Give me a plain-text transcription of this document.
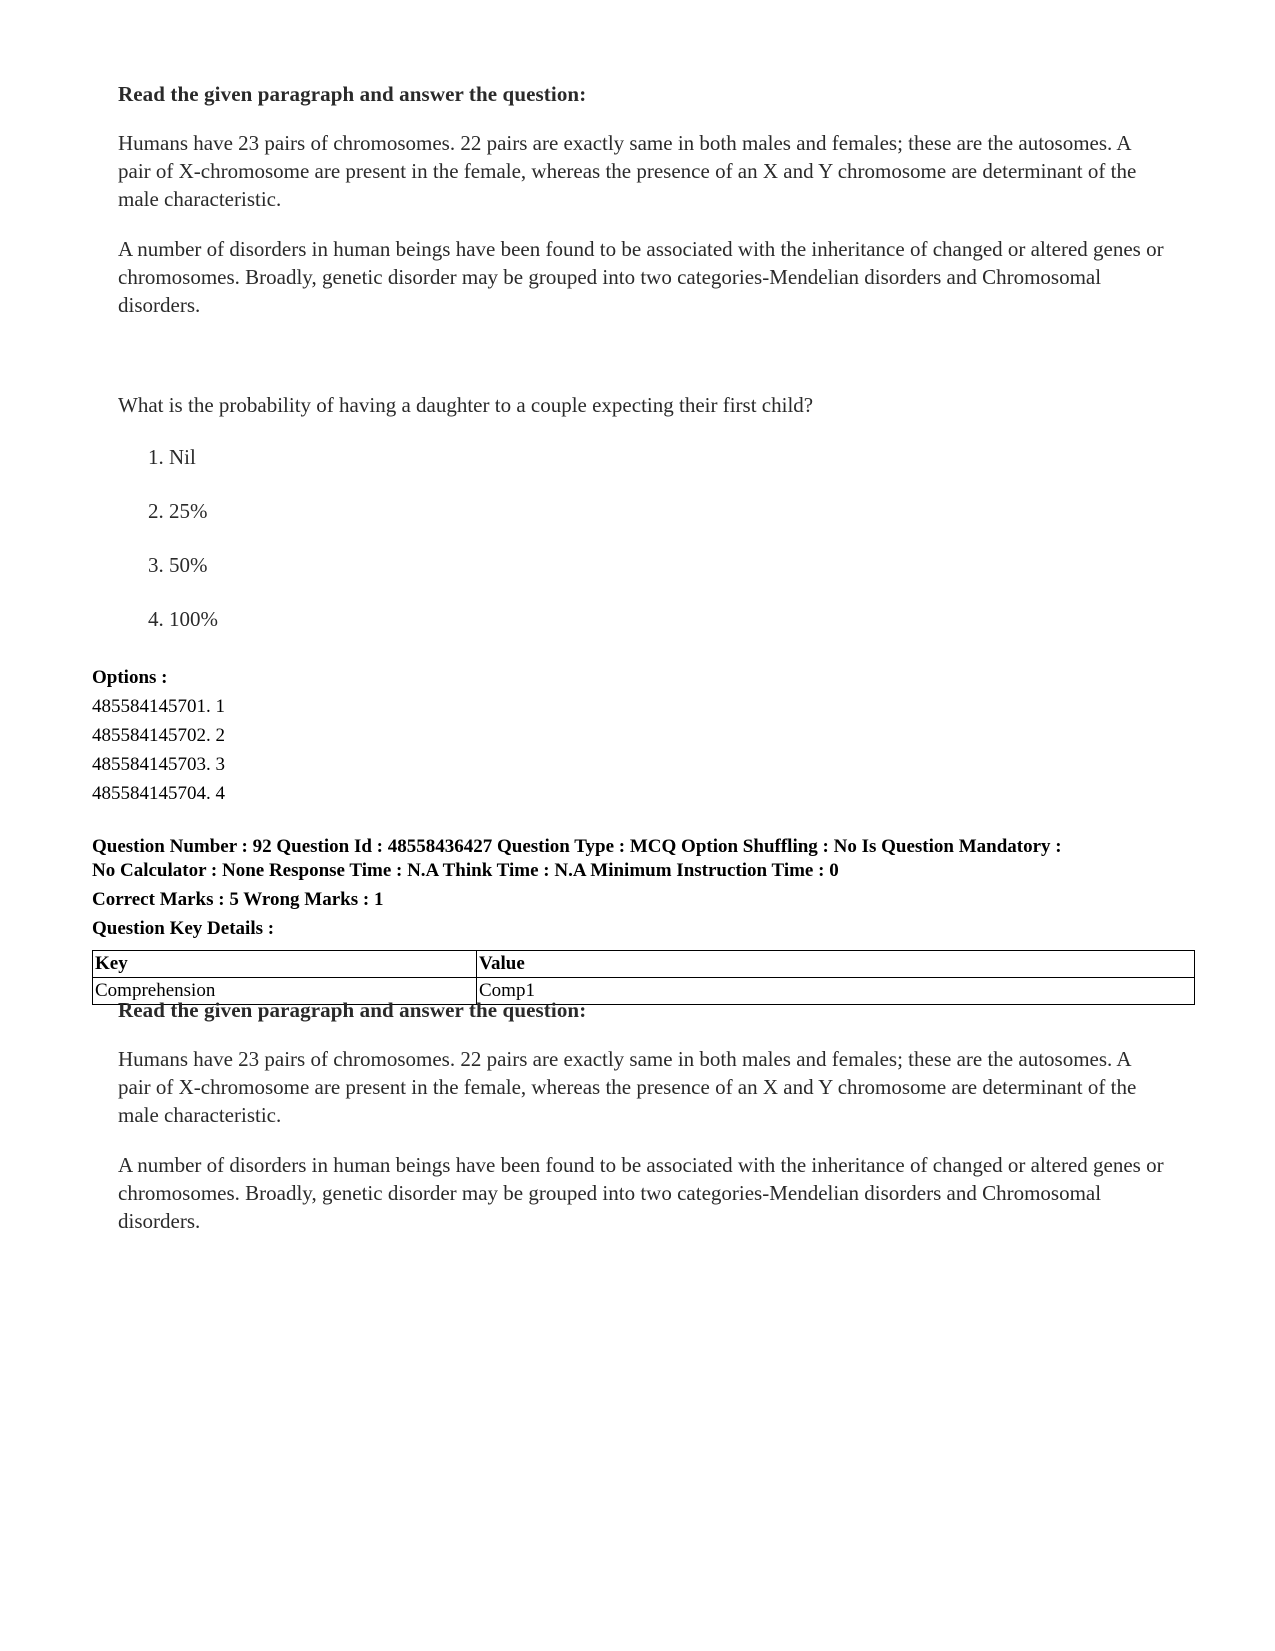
Read the given paragraph and answer the question:

Humans have 23 pairs of chromosomes. 22 pairs are exactly same in both males and females; these are the autosomes. A pair of X-chromosome are present in the female, whereas the presence of an X and Y chromosome are determinant of the male characteristic.

A number of disorders in human beings have been found to be associated with the inheritance of changed or altered genes or chromosomes. Broadly, genetic disorder may be grouped into two categories-Mendelian disorders and Chromosomal disorders.

What is the probability of having a daughter to a couple expecting their first child?

1. Nil
2. 25%
3. 50%
4. 100%
Options :
485584145701. 1
485584145702. 2
485584145703. 3
485584145704. 4
Question Number : 92 Question Id : 48558436427 Question Type : MCQ Option Shuffling : No Is Question Mandatory :
No Calculator : None Response Time : N.A Think Time : N.A Minimum Instruction Time : 0
Correct Marks : 5 Wrong Marks : 1
Question Key Details :
Key	Value
Comprehension	Comp1

Read the given paragraph and answer the question:

Humans have 23 pairs of chromosomes. 22 pairs are exactly same in both males and females; these are the autosomes. A pair of X-chromosome are present in the female, whereas the presence of an X and Y chromosome are determinant of the male characteristic.

A number of disorders in human beings have been found to be associated with the inheritance of changed or altered genes or chromosomes. Broadly, genetic disorder may be grouped into two categories-Mendelian disorders and Chromosomal disorders.
